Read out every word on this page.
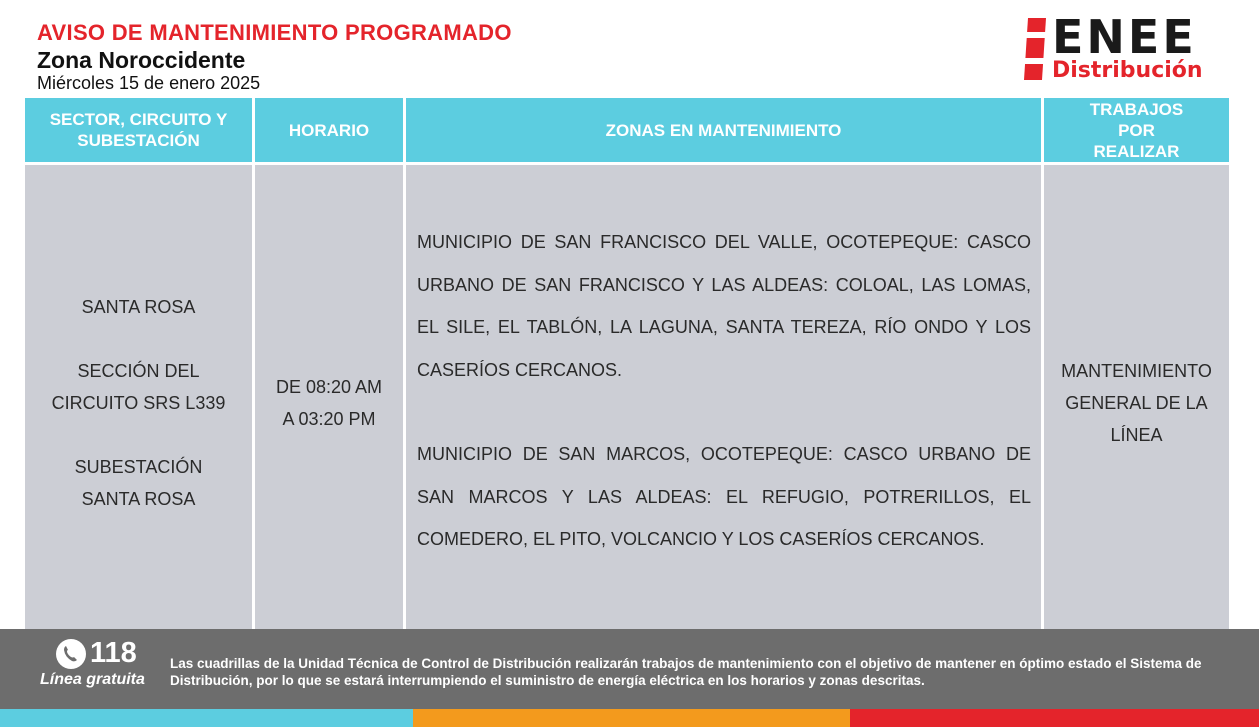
AVISO DE MANTENIMIENTO PROGRAMADO
Zona Noroccidente
Miércoles 15 de enero 2025
ENEE
Distribución
SECTOR, CIRCUITO Y SUBESTACIÓN
HORARIO	ZONAS EN MANTENIMIENTO
TRABAJOS POR REALIZAR
SANTA ROSA
SECCIÓN DEL
CIRCUITO SRS L339
SUBESTACIÓN
SANTA ROSA
DE 08:20 AM
A 03:20 PM

MUNICIPIO DE SAN FRANCISCO DEL VALLE, OCOTEPEQUE: CASCO URBANO DE SAN FRANCISCO Y LAS ALDEAS: COLOAL, LAS LOMAS, EL SILE, EL TABLÓN, LA LAGUNA, SANTA TEREZA, RÍO ONDO Y LOS CASERÍOS CERCANOS.

MUNICIPIO DE SAN MARCOS, OCOTEPEQUE: CASCO URBANO DE SAN MARCOS Y LAS ALDEAS: EL REFUGIO, POTRERILLOS, EL COMEDERO, EL PITO, VOLCANCIO Y LOS CASERÍOS CERCANOS.

MANTENIMIENTO
GENERAL DE LA
LÍNEA
118
Línea gratuita
Las cuadrillas de la Unidad Técnica de Control de Distribución realizarán trabajos de mantenimiento con el objetivo de mantener en óptimo estado el Sistema de Distribución, por lo que se estará interrumpiendo el suministro de energía eléctrica en los horarios y zonas descritas.
